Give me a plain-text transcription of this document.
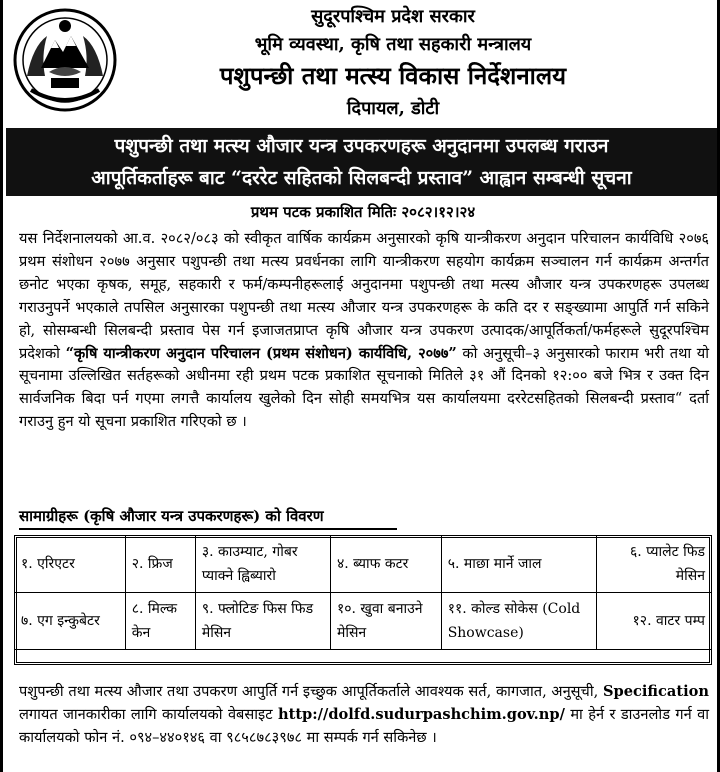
सुदूरपश्चिम प्रदेश सरकार
भूमि व्यवस्था, कृषि तथा सहकारी मन्त्रालय
पशुपन्छी तथा मत्स्य विकास निर्देशनालय
दिपायल, डोटी
पशुपन्छी तथा मत्स्य औजार यन्त्र उपकरणहरू अनुदानमा उपलब्ध गराउन
आपूर्तिकर्ताहरू बाट “दररेट सहितको सिलबन्दी प्रस्ताव” आह्वान सम्बन्धी सूचना
प्रथम पटक प्रकाशित मितिः २०८२।१२।२४
यस निर्देशनालयको आ.व. २०८२/०८३ को स्वीकृत वार्षिक कार्यक्रम अनुसारको कृषि यान्त्रीकरण अनुदान परिचालन कार्यविधि २०७६ प्रथम संशोधन २०७७ अनुसार पशुपन्छी तथा मत्स्य प्रवर्धनका लागि यान्त्रीकरण सहयोग कार्यक्रम सञ्चालन गर्न कार्यक्रम अन्तर्गत छनोट भएका कृषक, समूह, सहकारी र फर्म/कम्पनीहरूलाई अनुदानमा पशुपन्छी तथा मत्स्य औजार यन्त्र उपकरणहरू उपलब्ध गराउनुपर्ने भएकाले तपसिल अनुसारका पशुपन्छी तथा मत्स्य औजार यन्त्र उपकरणहरू के कति दर र सङ्ख्यामा आपुर्ति गर्न सकिने हो, सोसम्बन्धी सिलबन्दी प्रस्ताव पेस गर्न इजाजतप्राप्त कृषि औजार यन्त्र उपकरण उत्पादक/आपूर्तिकर्ता/फर्महरूले सुदूरपश्चिम प्रदेशको “कृषि यान्त्रीकरण अनुदान परिचालन (प्रथम संशोधन) कार्यविधि, २०७७” को अनुसूची–३ अनुसारको फाराम भरी तथा यो सूचनामा उल्लिखित सर्तहरूको अधीनमा रही प्रथम पटक प्रकाशित सूचनाको मितिले ३१ औं दिनको १२:०० बजे भित्र र उक्त दिन सार्वजनिक बिदा पर्न गएमा लगत्तै कार्यालय खुलेको दिन सोही समयभित्र यस कार्यालयमा दररेटसहितको सिलबन्दी प्रस्ताव“ दर्ता गराउनु हुन यो सूचना प्रकाशित गरिएको छ ।
सामाग्रीहरू (कृषि औजार यन्त्र उपकरणहरू) को विवरण
१. एरिएटर	२. फ्रिज	३. काउम्याट, गोबर प्याक्ने ह्विब्यारो	४. ब्याफ कटर	५. माछा मार्ने जाल	६. प्यालेट फिड मेसिन
७. एग इन्कुबेटर	८. मिल्क केन	९. फ्लोटिङ फिस फिड मेसिन	१०. खुवा बनाउने मेसिन	११. कोल्ड सोकेस (Cold Showcase)	१२. वाटर पम्प
पशुपन्छी तथा मत्स्य औजार तथा उपकरण आपुर्ति गर्न इच्छुक आपूर्तिकर्ताले आवश्यक सर्त, कागजात, अनुसूची, Specification लगायत जानकारीका लागि कार्यालयको वेबसाइट http://dolfd.sudurpashchim.gov.np/ मा हेर्न र डाउनलोड गर्न वा कार्यालयको फोन नं. ०९४–४४०१४६ वा ९८५८७८३९७८ मा सम्पर्क गर्न सकिनेछ ।
